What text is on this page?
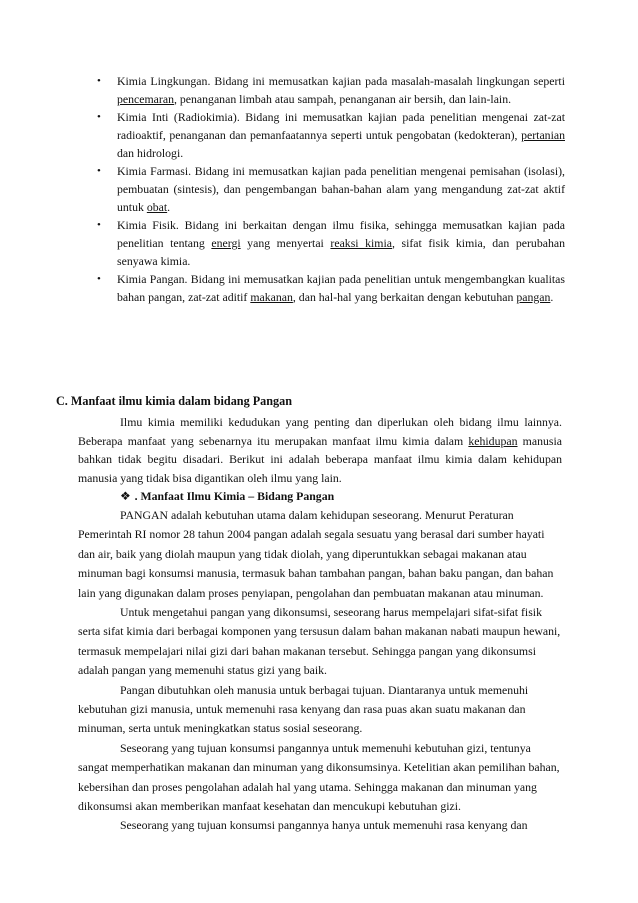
• Kimia Lingkungan. Bidang ini memusatkan kajian pada masalah-masalah lingkungan seperti pencemaran, penanganan limbah atau sampah, penanganan air bersih, dan lain-lain.
• Kimia Inti (Radiokimia). Bidang ini memusatkan kajian pada penelitian mengenai zat-zat radioaktif, penanganan dan pemanfaatannya seperti untuk pengobatan (kedokteran), pertanian dan hidrologi.
• Kimia Farmasi. Bidang ini memusatkan kajian pada penelitian mengenai pemisahan (isolasi), pembuatan (sintesis), dan pengembangan bahan-bahan alam yang mengandung zat-zat aktif untuk obat.
• Kimia Fisik. Bidang ini berkaitan dengan ilmu fisika, sehingga memusatkan kajian pada penelitian tentang energi yang menyertai reaksi kimia, sifat fisik kimia, dan perubahan senyawa kimia.
• Kimia Pangan. Bidang ini memusatkan kajian pada penelitian untuk mengembangkan kualitas bahan pangan, zat-zat aditif makanan, dan hal-hal yang berkaitan dengan kebutuhan pangan.
C. Manfaat ilmu kimia dalam bidang Pangan

Ilmu kimia memiliki kedudukan yang penting dan diperlukan oleh bidang ilmu lainnya. Beberapa manfaat yang sebenarnya itu merupakan manfaat ilmu kimia dalam kehidupan manusia bahkan tidak begitu disadari. Berikut ini adalah beberapa manfaat ilmu kimia dalam kehidupan manusia yang tidak bisa digantikan oleh ilmu yang lain.

❖ . Manfaat Ilmu Kimia – Bidang Pangan

PANGAN adalah kebutuhan utama dalam kehidupan seseorang. Menurut Peraturan Pemerintah RI nomor 28 tahun 2004 pangan adalah segala sesuatu yang berasal dari sumber hayati dan air, baik yang diolah maupun yang tidak diolah, yang diperuntukkan sebagai makanan atau minuman bagi konsumsi manusia, termasuk bahan tambahan pangan, bahan baku pangan, dan bahan lain yang digunakan dalam proses penyiapan, pengolahan dan pembuatan makanan atau minuman.

Untuk mengetahui pangan yang dikonsumsi, seseorang harus mempelajari sifat-sifat fisik serta sifat kimia dari berbagai komponen yang tersusun dalam bahan makanan nabati maupun hewani, termasuk mempelajari nilai gizi dari bahan makanan tersebut. Sehingga pangan yang dikonsumsi adalah pangan yang memenuhi status gizi yang baik.

Pangan dibutuhkan oleh manusia untuk berbagai tujuan. Diantaranya untuk memenuhi kebutuhan gizi manusia, untuk memenuhi rasa kenyang dan rasa puas akan suatu makanan dan minuman, serta untuk meningkatkan status sosial seseorang.

Seseorang yang tujuan konsumsi pangannya untuk memenuhi kebutuhan gizi, tentunya sangat memperhatikan makanan dan minuman yang dikonsumsinya. Ketelitian akan pemilihan bahan, kebersihan dan proses pengolahan adalah hal yang utama. Sehingga makanan dan minuman yang dikonsumsi akan memberikan manfaat kesehatan dan mencukupi kebutuhan gizi.

Seseorang yang tujuan konsumsi pangannya hanya untuk memenuhi rasa kenyang dan
